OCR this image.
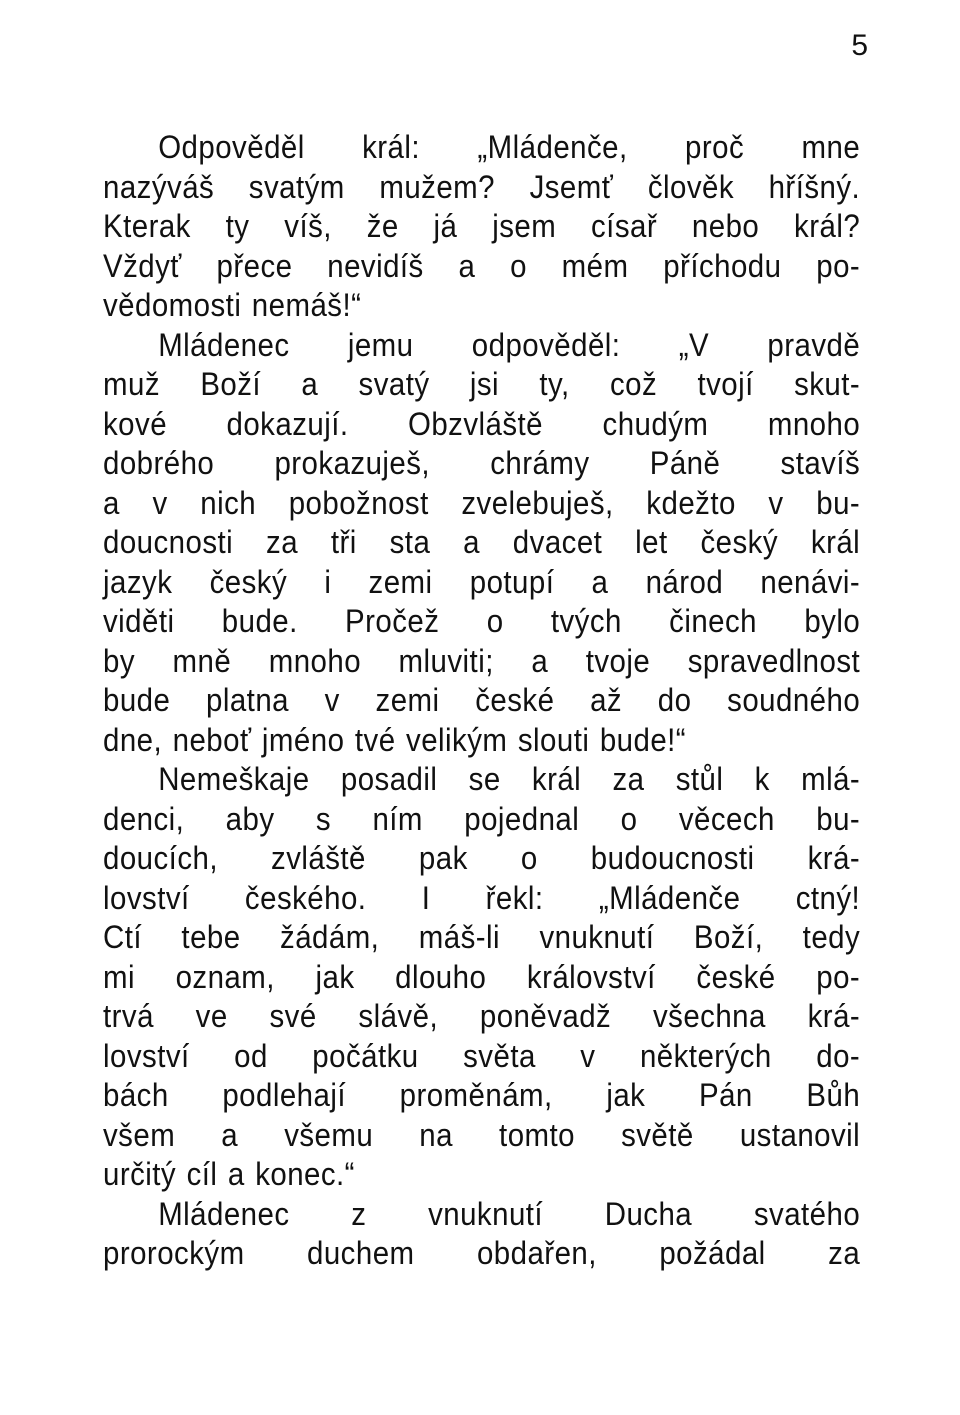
5
Odpověděl král: „Mládenče, proč mne
nazýváš svatým mužem? Jsemť člověk hříšný.
Kterak ty víš, že já jsem císař nebo král?
Vždyť přece nevidíš a o mém příchodu po-
vědomosti nemáš!“
Mládenec jemu odpověděl: „V pravdě
muž Boží a svatý jsi ty, což tvojí skut-
kové dokazují. Obzvláště chudým mnoho
dobrého prokazuješ, chrámy Páně stavíš
a v nich pobožnost zvelebuješ, kdežto v bu-
doucnosti za tři sta a dvacet let český král
jazyk český i zemi potupí a národ nenávi-
viděti bude. Pročež o tvých činech bylo
by mně mnoho mluviti; a tvoje spravedlnost
bude platna v zemi české až do soudného
dne, neboť jméno tvé velikým slouti bude!“
Nemeškaje posadil se král za stůl k mlá-
denci, aby s ním pojednal o věcech bu-
doucích, zvláště pak o budoucnosti krá-
lovství českého. I řekl: „Mládenče ctný!
Ctí tebe žádám, máš-li vnuknutí Boží, tedy
mi oznam, jak dlouho království české po-
trvá ve své slávě, poněvadž všechna krá-
lovství od počátku světa v některých do-
bách podlehají proměnám, jak Pán Bůh
všem a všemu na tomto světě ustanovil
určitý cíl a konec.“
Mládenec z vnuknutí Ducha svatého
prorockým duchem obdařen, požádal za
